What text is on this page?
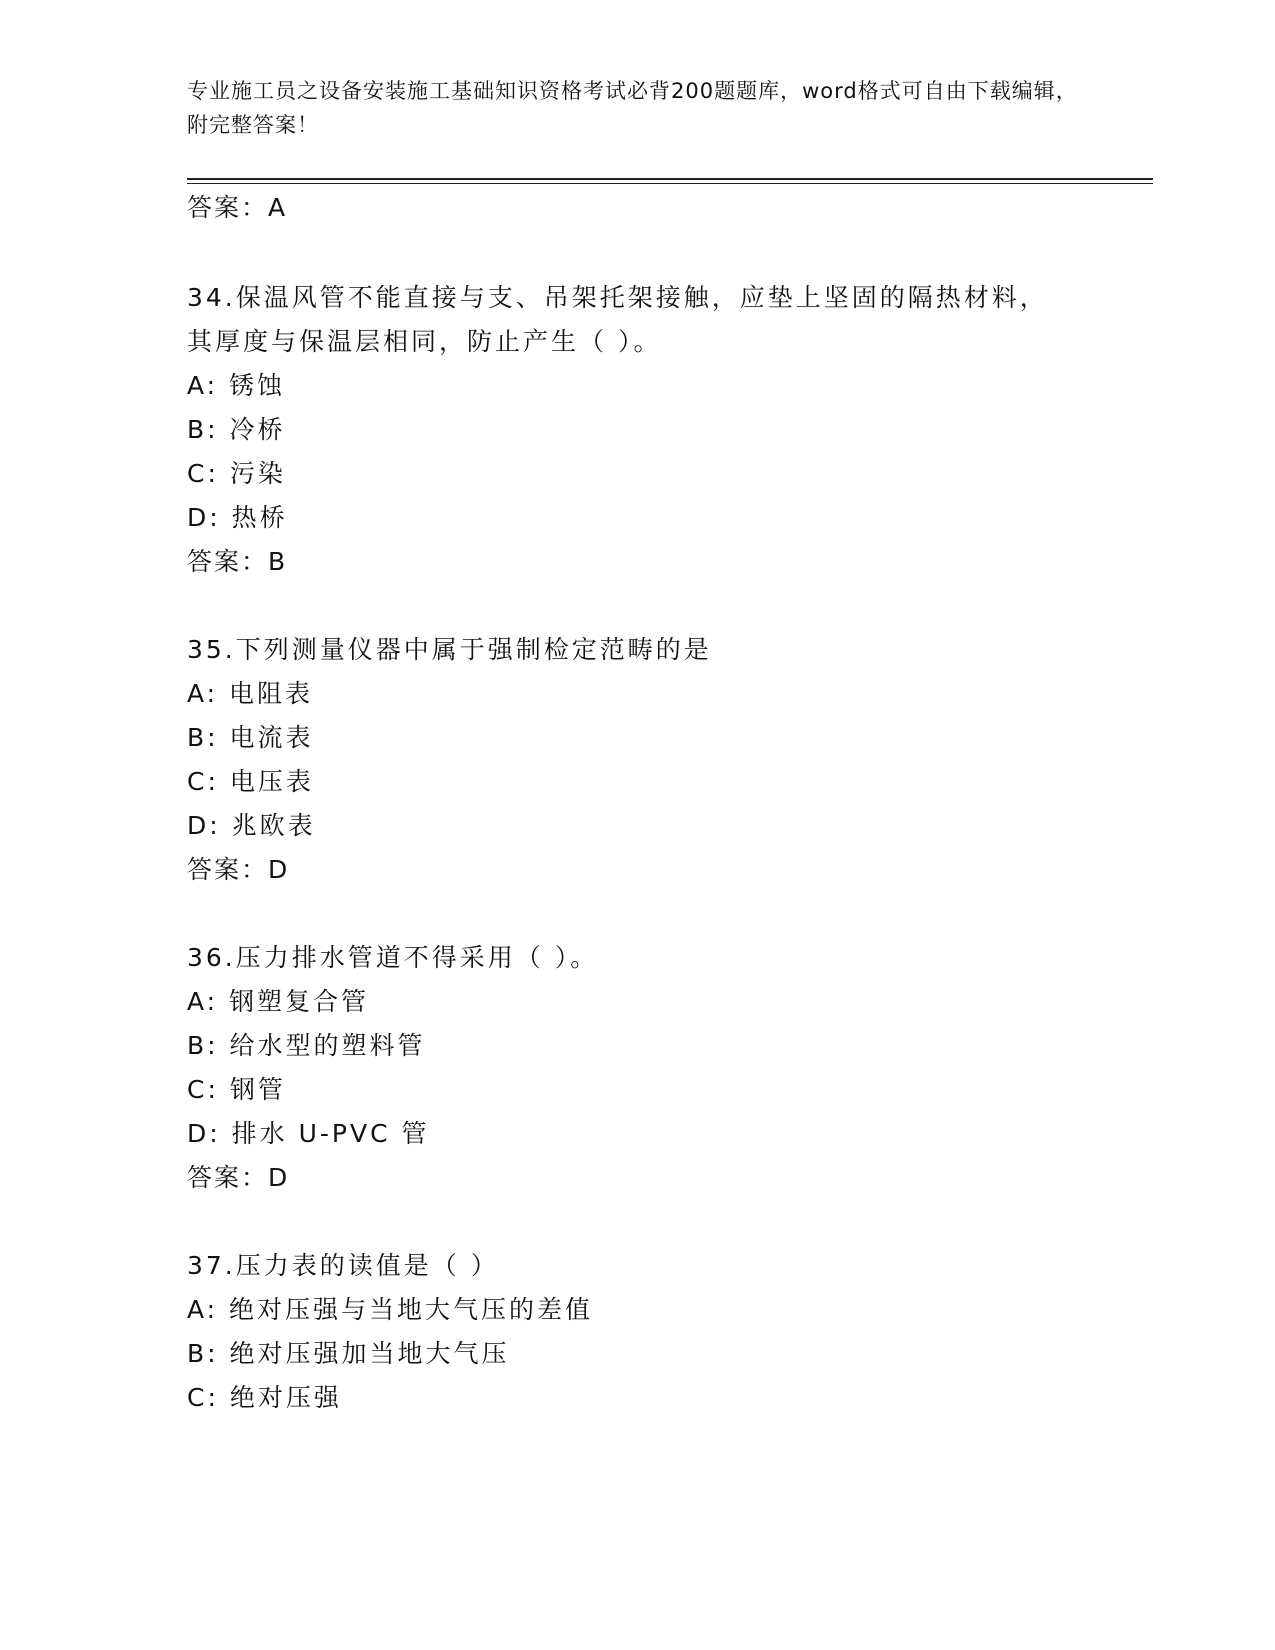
专业施工员之设备安装施工基础知识资格考试必背200题题库，word格式可自由下载编辑，附完整答案！
答案：A
34.保温风管不能直接与支、吊架托架接触，应垫上坚固的隔热材料，
其厚度与保温层相同，防止产生（ ）。
A: 锈蚀
B: 冷桥
C: 污染
D: 热桥
答案：B
35.下列测量仪器中属于强制检定范畴的是
A: 电阻表
B: 电流表
C: 电压表
D: 兆欧表
答案：D
36.压力排水管道不得采用（ ）。
A: 钢塑复合管
B: 给水型的塑料管
C: 钢管
D: 排水 U-PVC 管
答案：D
37.压力表的读值是（ ）
A: 绝对压强与当地大气压的差值
B: 绝对压强加当地大气压
C: 绝对压强
